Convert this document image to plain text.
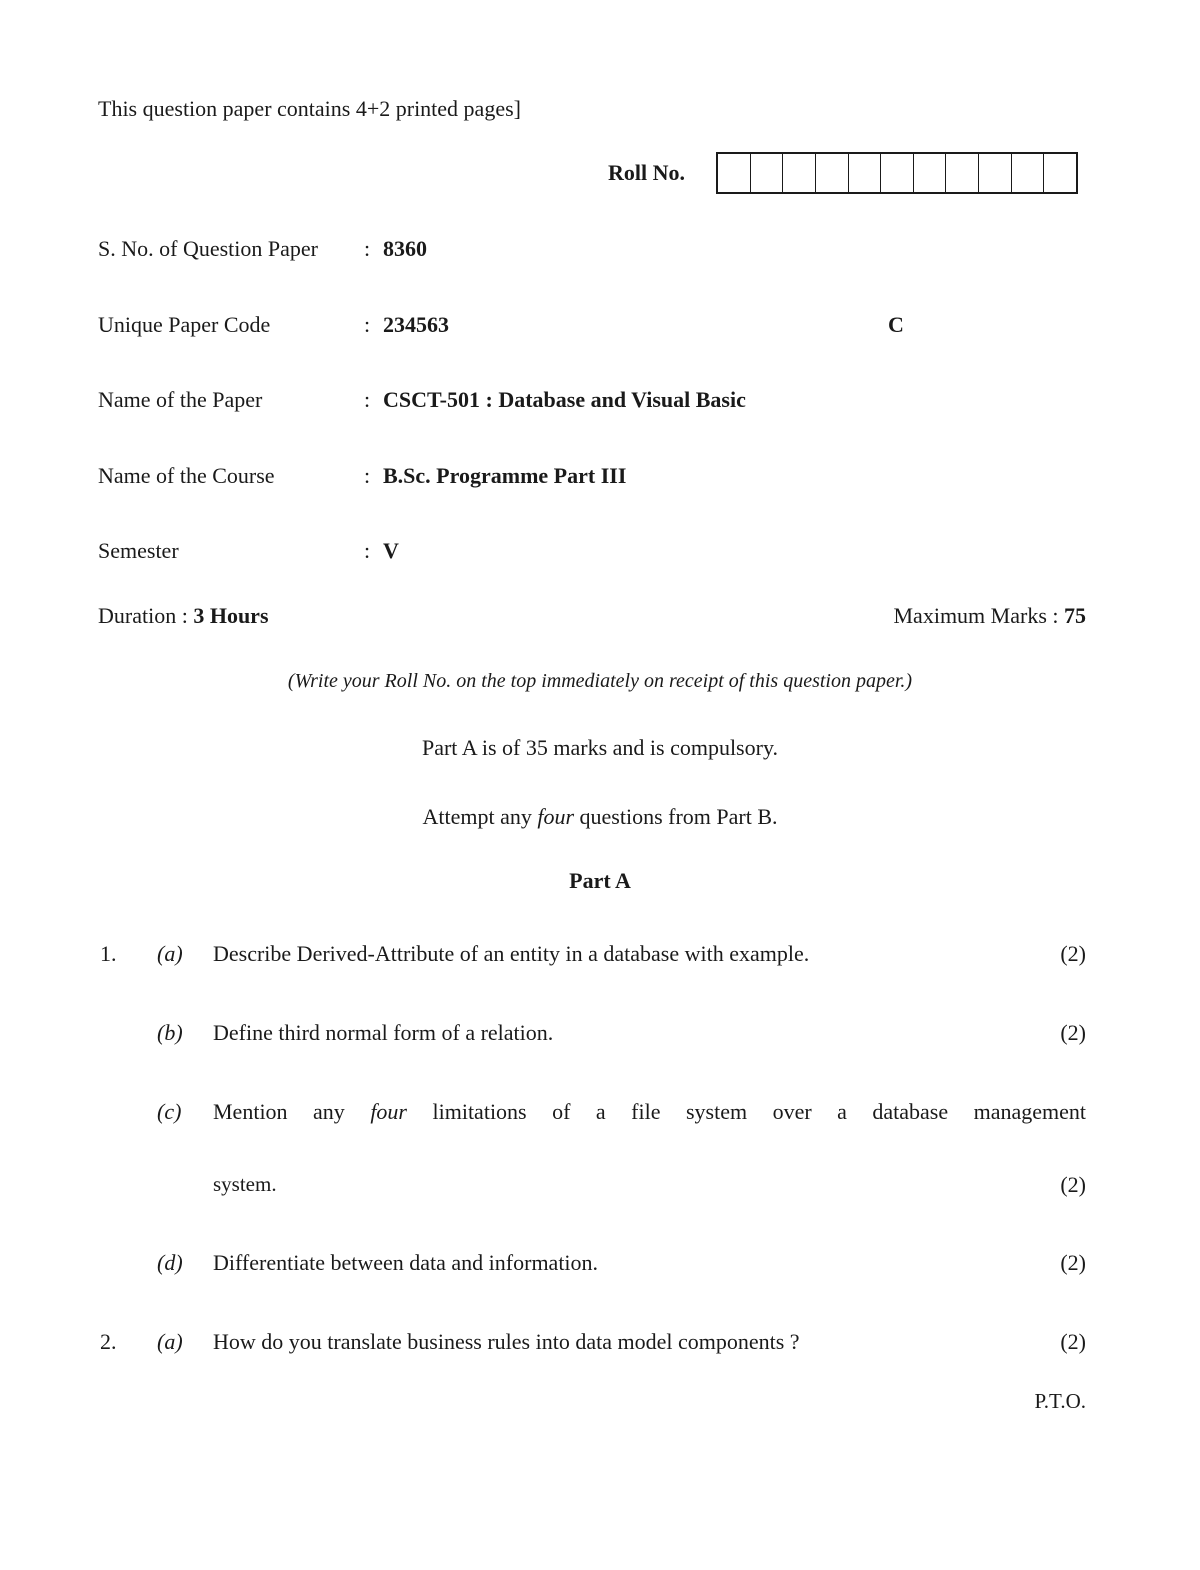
This question paper contains 4+2 printed pages]
Roll No.
S. No. of Question Paper : 8360
Unique Paper Code	: 234563	C
Name of the Paper	: CSCT-501 : Database and Visual Basic
Name of the Course	: B.Sc. Programme Part III
Semester	: V
Duration : 3 Hours	Maximum Marks : 75
(Write your Roll No. on the top immediately on receipt of this question paper.)
Part A is of 35 marks and is compulsory.
Attempt any four questions from Part B.
Part A
1. (a) Describe Derived-Attribute of an entity in a database with example.	(2)
(b) Define third normal form of a relation.	(2)
(c) Mention any four limitations of a file system over a database management
system.	(2)
(d) Differentiate between data and information.	(2)
2. (a) How do you translate business rules into data model components ?	(2)
P.T.O.
